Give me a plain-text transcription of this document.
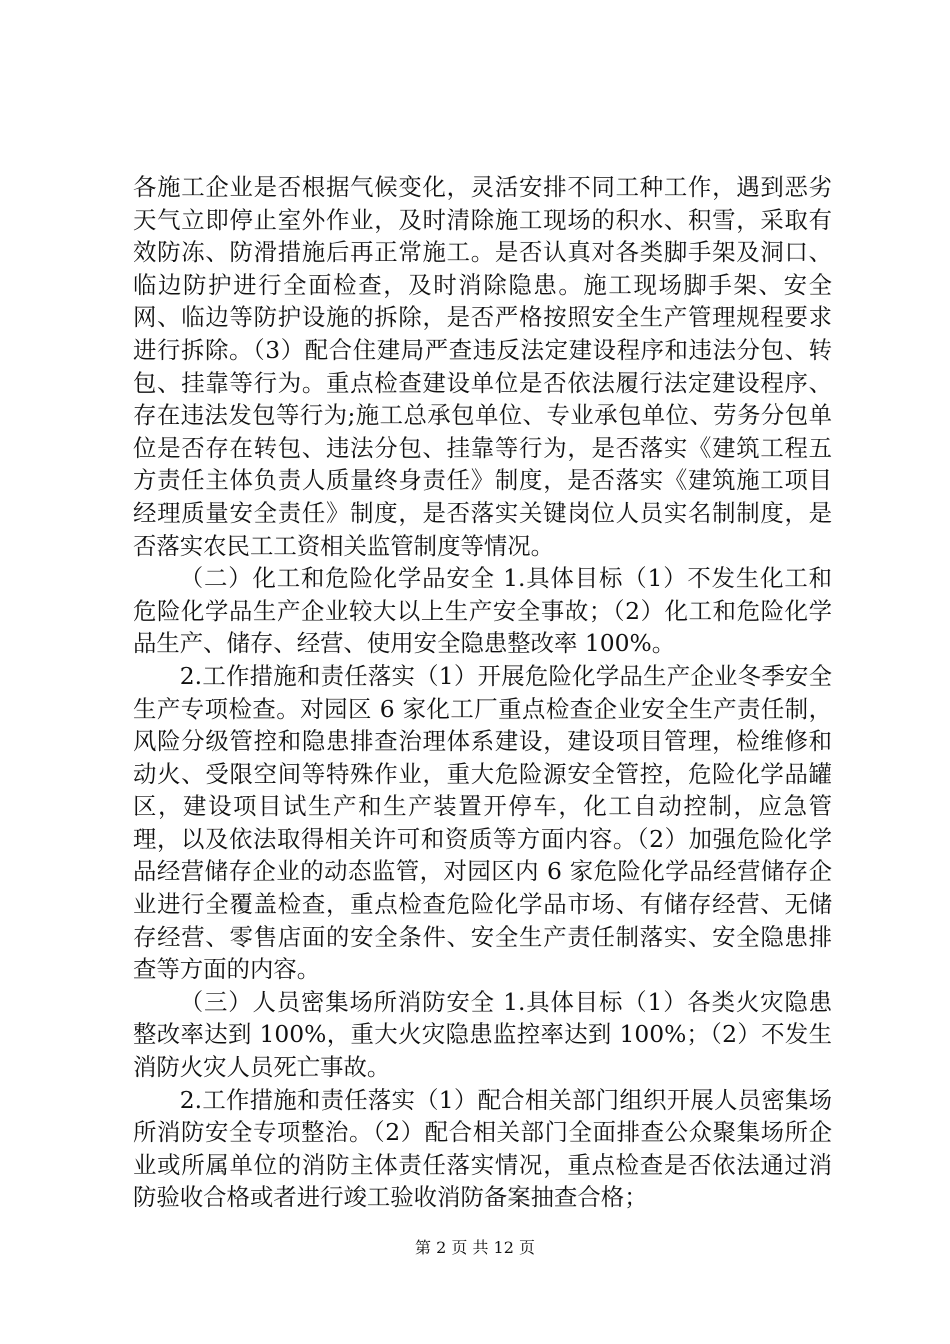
各施工企业是否根据气候变化，灵活安排不同工种工作，遇到恶劣天气立即停止室外作业，及时清除施工现场的积水、积雪，采取有效防冻、防滑措施后再正常施工。是否认真对各类脚手架及洞口、临边防护进行全面检查，及时消除隐患。施工现场脚手架、安全网、临边等防护设施的拆除，是否严格按照安全生产管理规程要求进行拆除。（3）配合住建局严查违反法定建设程序和违法分包、转包、挂靠等行为。重点检查建设单位是否依法履行法定建设程序、存在违法发包等行为;施工总承包单位、专业承包单位、劳务分包单位是否存在转包、违法分包、挂靠等行为，是否落实《建筑工程五方责任主体负责人质量终身责任》制度，是否落实《建筑施工项目经理质量安全责任》制度，是否落实关键岗位人员实名制制度，是否落实农民工工资相关监管制度等情况。

（二）化工和危险化学品安全 1.具体目标（1）不发生化工和危险化学品生产企业较大以上生产安全事故；（2）化工和危险化学品生产、储存、经营、使用安全隐患整改率 100%。

2.工作措施和责任落实（1）开展危险化学品生产企业冬季安全生产专项检查。对园区 6 家化工厂重点检查企业安全生产责任制，风险分级管控和隐患排查治理体系建设，建设项目管理，检维修和动火、受限空间等特殊作业，重大危险源安全管控，危险化学品罐区，建设项目试生产和生产装置开停车，化工自动控制，应急管理，以及依法取得相关许可和资质等方面内容。（2）加强危险化学品经营储存企业的动态监管，对园区内 6 家危险化学品经营储存企业进行全覆盖检查，重点检查危险化学品市场、有储存经营、无储存经营、零售店面的安全条件、安全生产责任制落实、安全隐患排查等方面的内容。

（三）人员密集场所消防安全 1.具体目标（1）各类火灾隐患整改率达到 100%，重大火灾隐患监控率达到 100%；（2）不发生消防火灾人员死亡事故。

2.工作措施和责任落实（1）配合相关部门组织开展人员密集场所消防安全专项整治。（2）配合相关部门全面排查公众聚集场所企业或所属单位的消防主体责任落实情况，重点检查是否依法通过消防验收合格或者进行竣工验收消防备案抽查合格；

第 2 页 共 12 页
